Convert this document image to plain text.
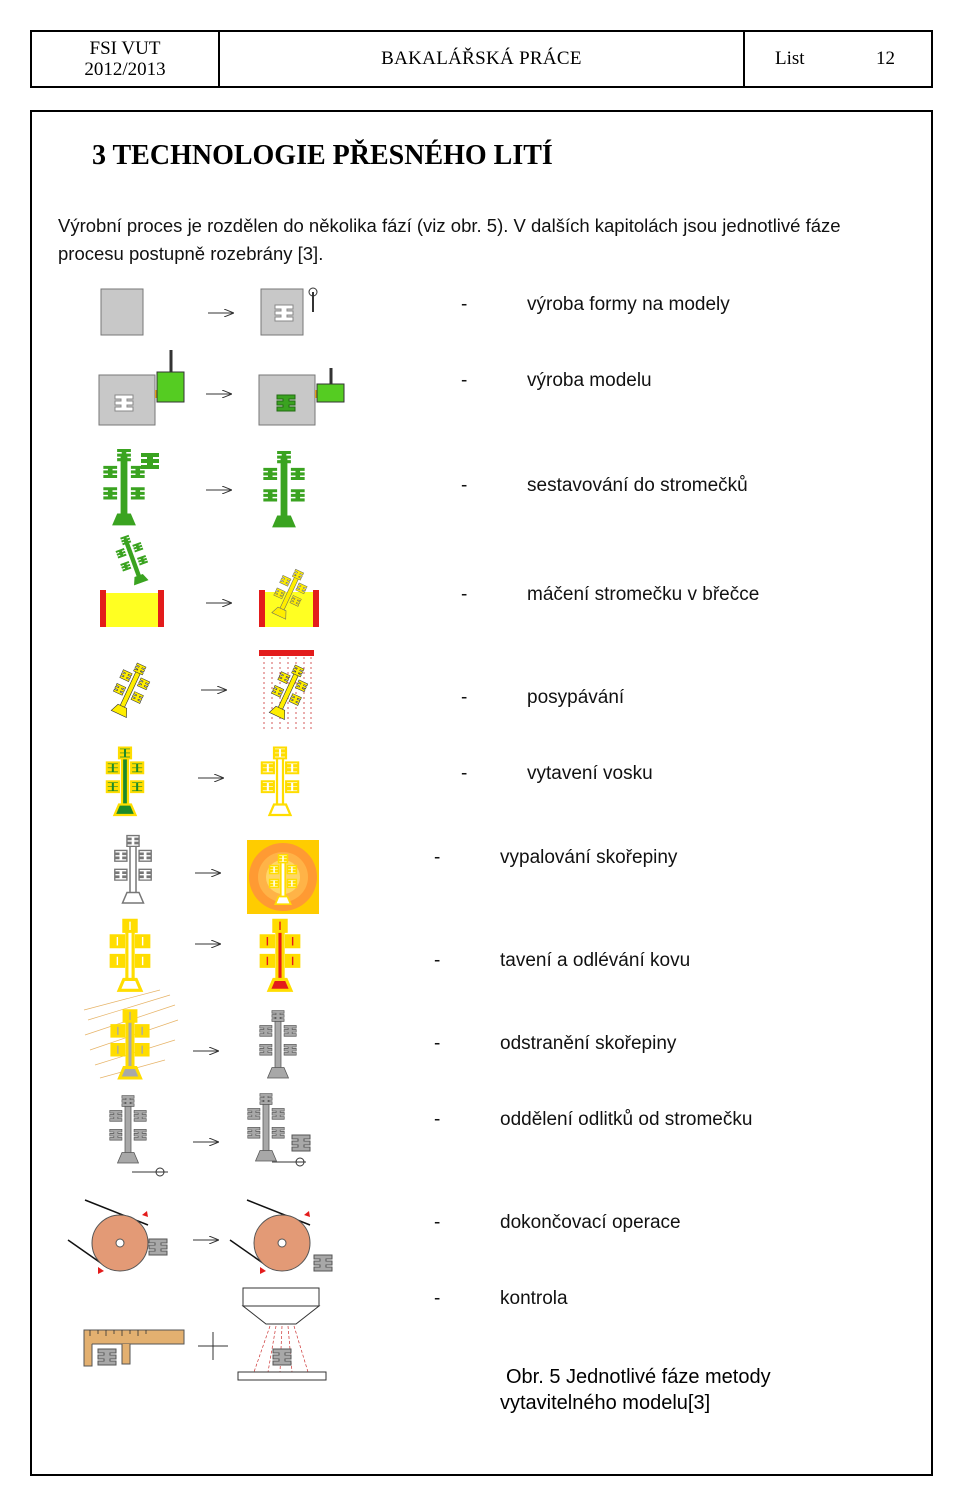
FSI VUT
2012/2013
BAKALÁŘSKÁ PRÁCE	List	12
3 TECHNOLOGIE PŘESNÉHO LITÍ
Výrobní proces je rozdělen do několika fází (viz obr. 5). V dalších kapitolách jsou jednotlivé fáze procesu postupně rozebrány [3].
-	výroba formy na modely
-	výroba modelu
-	sestavování do stromečků
-	máčení stromečku v břečce
-	posypávání
-	vytavení vosku
-	vypalování skořepiny
-	tavení a odlévání kovu
-	odstranění skořepiny
-	oddělení odlitků od stromečku
-	dokončovací operace
-	kontrola
Obr. 5 Jednotlivé fáze metody
vytavitelného modelu[3]
